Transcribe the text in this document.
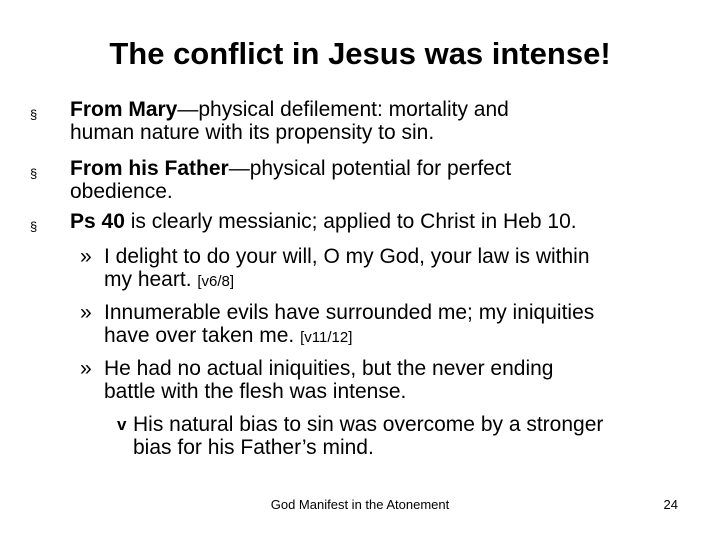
The conflict in Jesus was intense!
§ From Mary—physical defilement: mortality and
human nature with its propensity to sin.
§ From his Father—physical potential for perfect
obedience.
§ Ps 40 is clearly messianic; applied to Christ in Heb 10.
» I delight to do your will, O my God, your law is within
my heart. [v6/8]
» Innumerable evils have surrounded me; my iniquities
have over taken me. [v11/12]
» He had no actual iniquities, but the never ending
battle with the flesh was intense.
v His natural bias to sin was overcome by a stronger
bias for his Father’s mind.
God Manifest in the Atonement	24
